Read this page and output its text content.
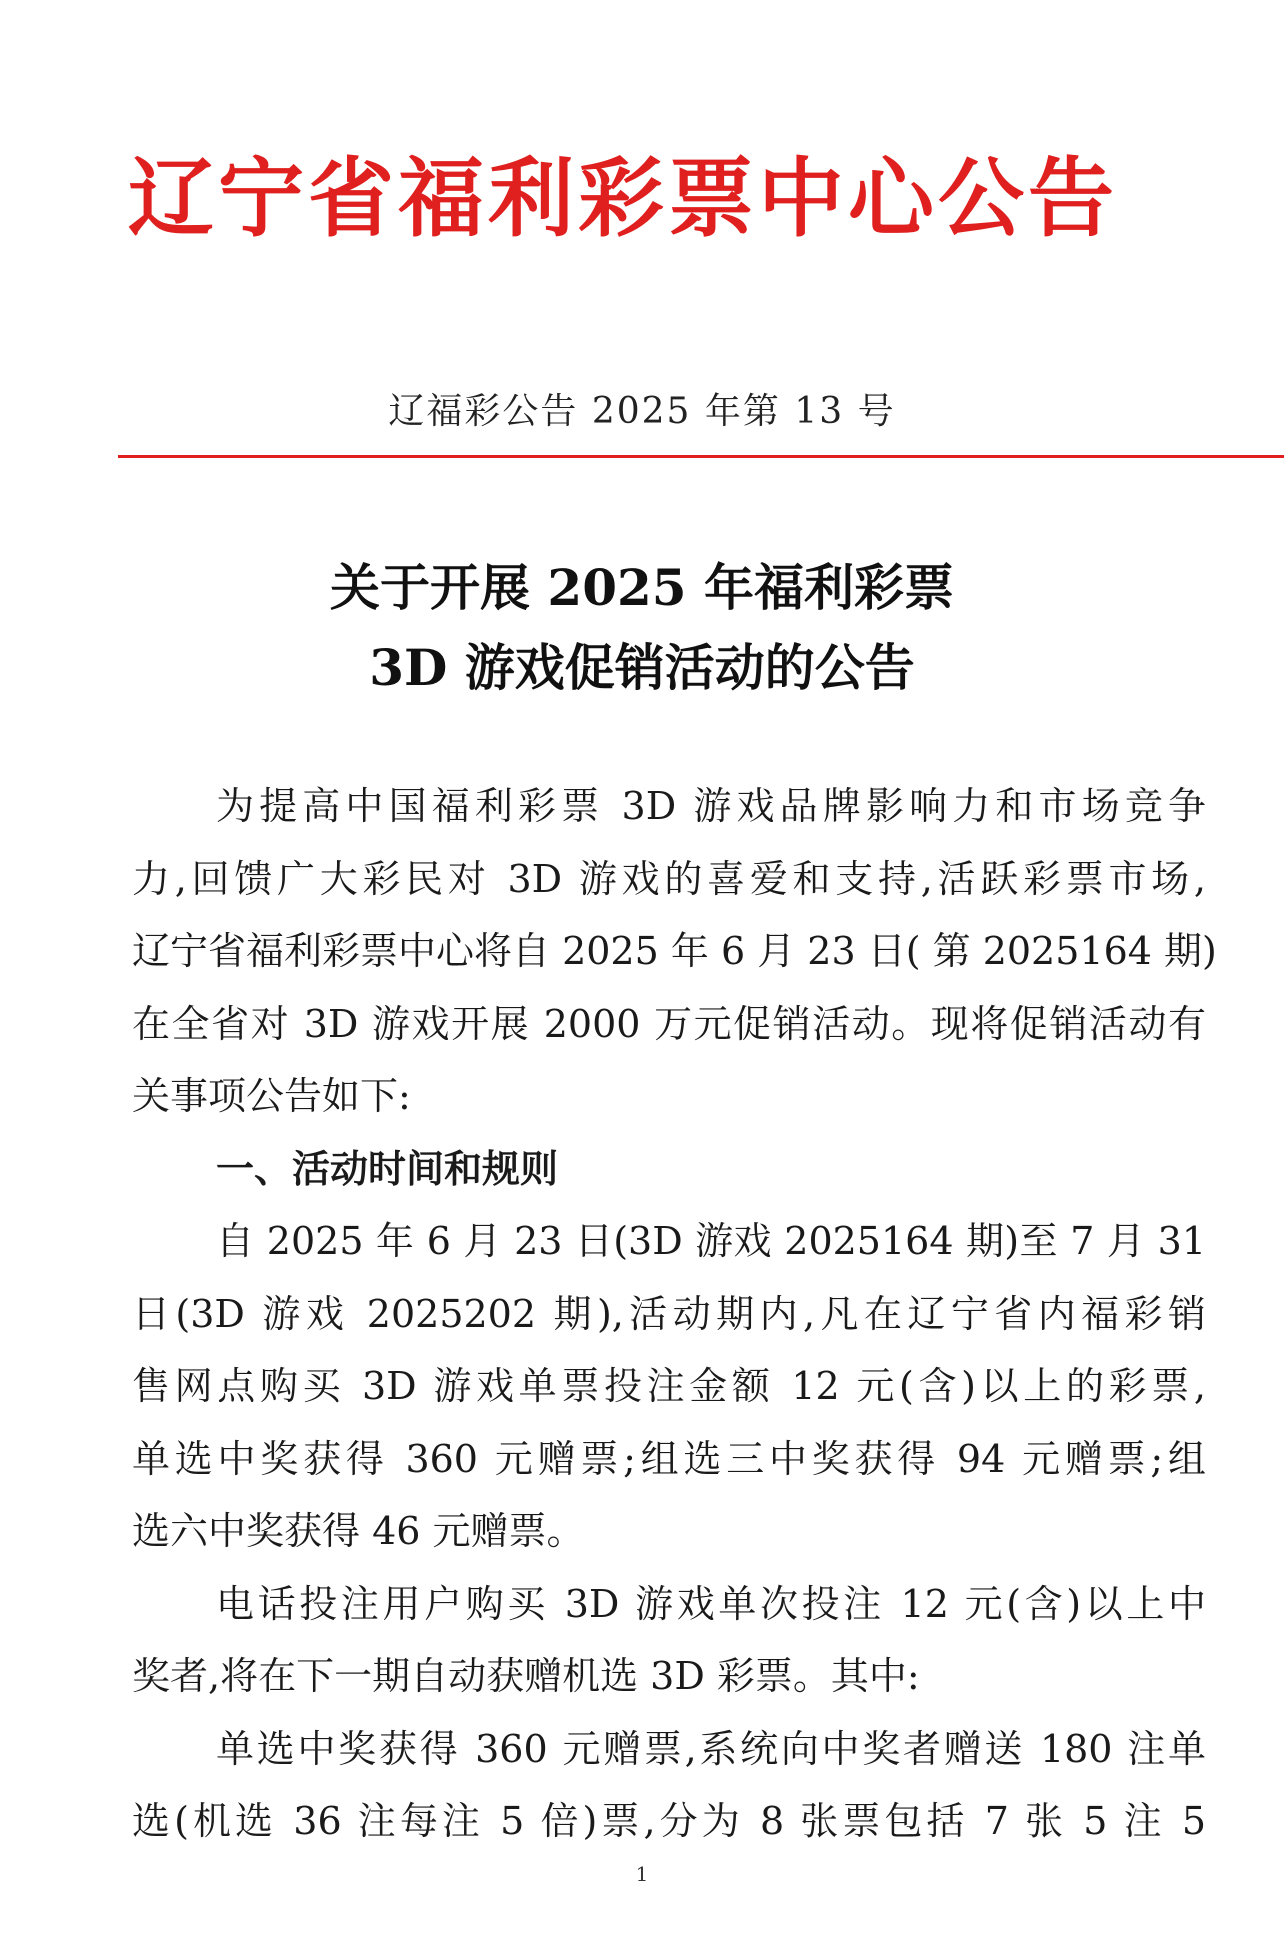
辽宁省福利彩票中心公告
辽福彩公告 2025 年第 13 号
关于开展 2025 年福利彩票
3D 游戏促销活动的公告
为提高中国福利彩票 3D 游戏品牌影响力和市场竞争
力,回馈广大彩民对 3D 游戏的喜爱和支持,活跃彩票市场,
辽宁省福利彩票中心将自 2025 年 6 月 23 日( 第 2025164 期)
在全省对 3D 游戏开展 2000 万元促销活动。现将促销活动有
关事项公告如下:
一、活动时间和规则
自 2025 年 6 月 23 日(3D 游戏 2025164 期)至 7 月 31
日(3D 游戏 2025202 期),活动期内,凡在辽宁省内福彩销
售网点购买 3D 游戏单票投注金额 12 元(含)以上的彩票,
单选中奖获得 360 元赠票;组选三中奖获得 94 元赠票;组
选六中奖获得 46 元赠票。
电话投注用户购买 3D 游戏单次投注 12 元(含)以上中
奖者,将在下一期自动获赠机选 3D 彩票。其中:
单选中奖获得 360 元赠票,系统向中奖者赠送 180 注单
选(机选 36 注每注 5 倍)票,分为 8 张票包括 7 张 5 注 5
1
